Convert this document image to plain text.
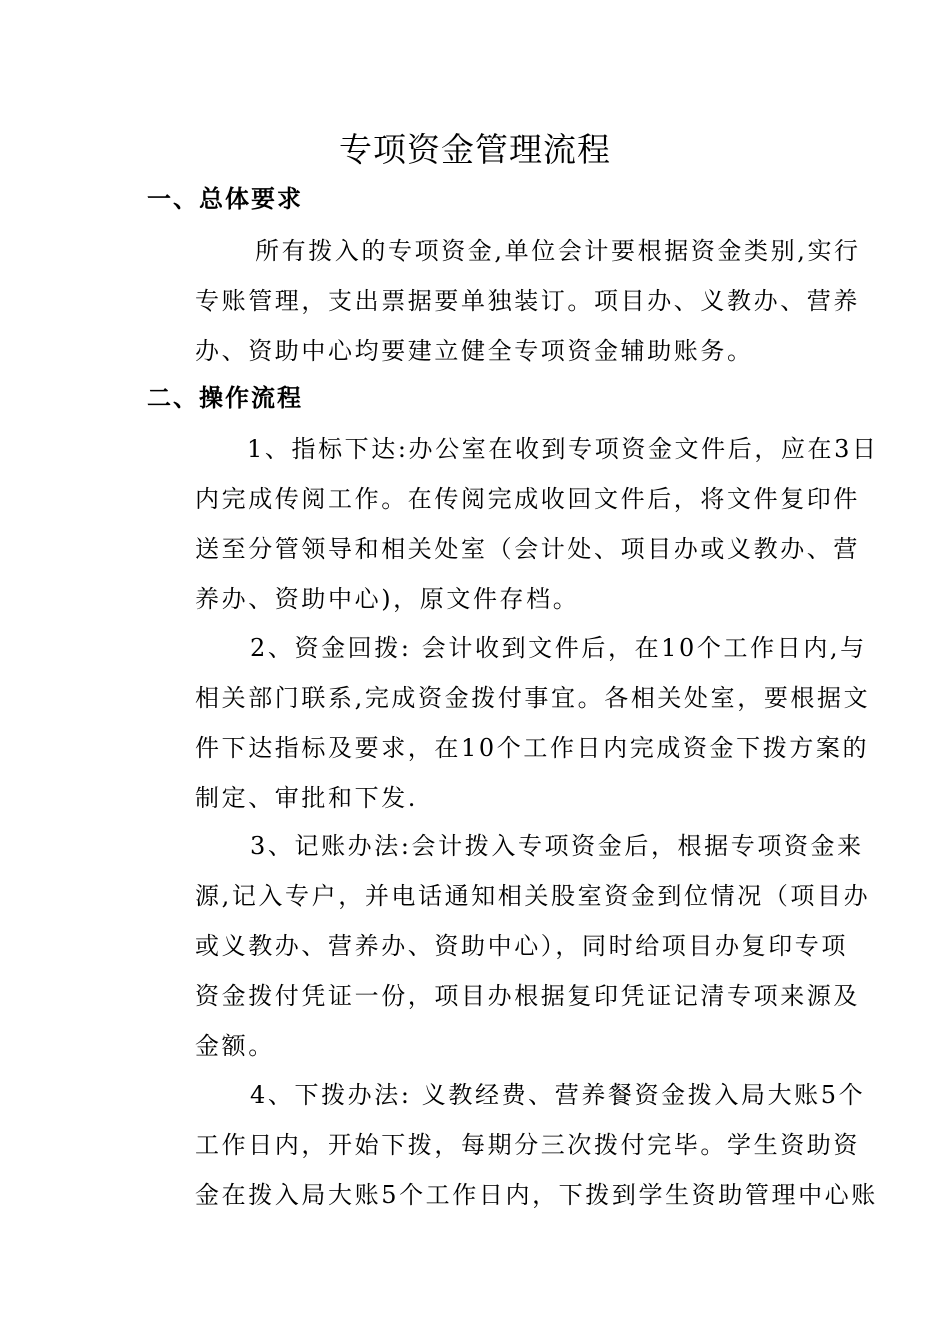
专项资金管理流程
一、总体要求
所有拨入的专项资金,单位会计要根据资金类别,实行
专账管理，支出票据要单独装订。项目办、义教办、营养
办、资助中心均要建立健全专项资金辅助账务。
二、操作流程
1、指标下达:办公室在收到专项资金文件后，应在3日
内完成传阅工作。在传阅完成收回文件后，将文件复印件
送至分管领导和相关处室（会计处、项目办或义教办、营
养办、资助中心)，原文件存档。
2、资金回拨: 会计收到文件后，在10个工作日内,与
相关部门联系,完成资金拨付事宜。各相关处室，要根据文
件下达指标及要求，在10个工作日内完成资金下拨方案的
制定、审批和下发.
3、记账办法:会计拨入专项资金后，根据专项资金来
源,记入专户，并电话通知相关股室资金到位情况（项目办
或义教办、营养办、资助中心），同时给项目办复印专项
资金拨付凭证一份，项目办根据复印凭证记清专项来源及
金额。
4、下拨办法: 义教经费、营养餐资金拨入局大账5个
工作日内，开始下拨，每期分三次拨付完毕。学生资助资
金在拨入局大账5个工作日内，下拨到学生资助管理中心账
